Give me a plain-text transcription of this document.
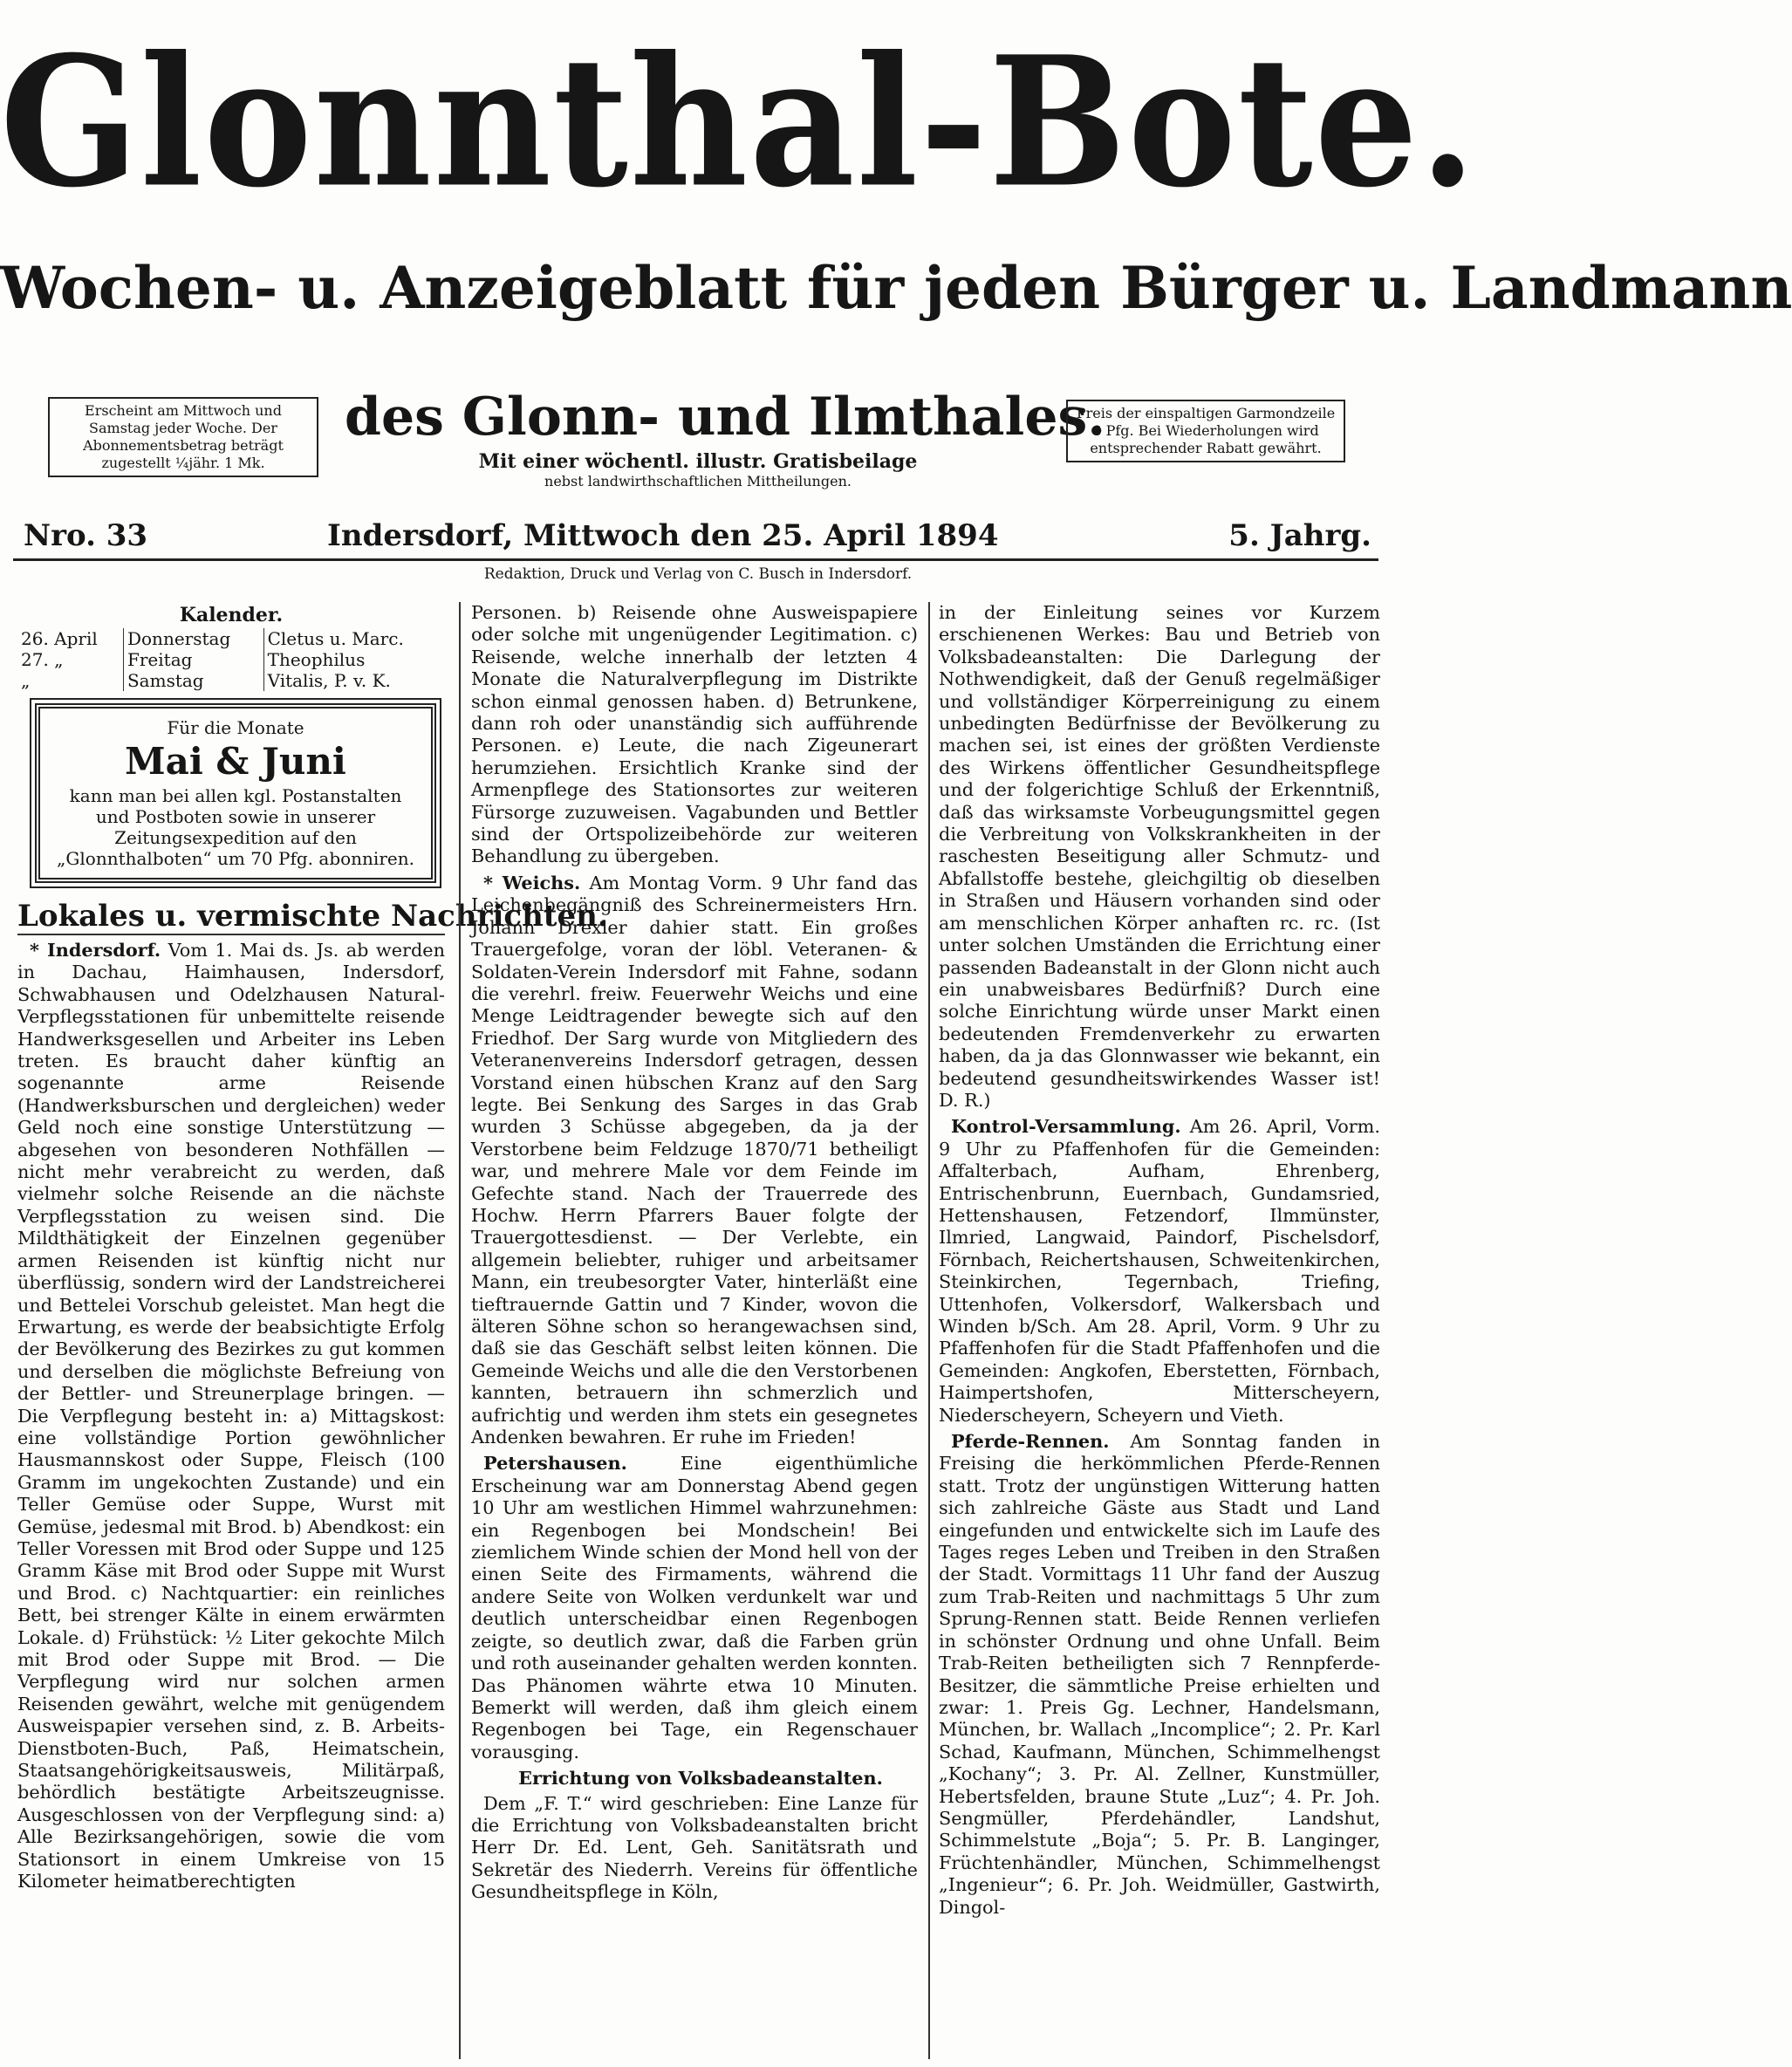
Glonnthal-Bote.
Wochen- u. Anzeigeblatt für jeden Bürger u. Landmann
Erscheint am Mittwoch und Samstag jeder Woche. Der Abonnementsbetrag beträgt zugestellt ¼jähr. 1 Mk.
des Glonn- und Ilmthales.
Mit einer wöchentl. illustr. Gratisbeilage
nebst landwirthschaftlichen Mittheilungen.
Preis der einspaltigen Garmondzeile 8 Pfg. Bei Wiederholungen wird entsprechender Rabatt gewährt.
Nro. 33	Indersdorf, Mittwoch den 25. April 1894	5. Jahrg.
Redaktion, Druck und Verlag von C. Busch in Indersdorf.
Kalender.
26. April	Donnerstag	Cletus u. Marc.
27. „	Freitag	Theophilus
„	Samstag	Vitalis, P. v. K.
Für die Monate
Mai & Juni
kann man bei allen kgl. Postanstalten und Postboten sowie in unserer Zeitungsexpedition auf den „Glonnthalboten“ um 70 Pfg. abonniren.
Lokales u. vermischte Nachrichten.

* Indersdorf. Vom 1. Mai ds. Js. ab werden in Dachau, Haimhausen, Indersdorf, Schwabhausen und Odelzhausen Natural-Verpflegsstationen für unbemittelte reisende Handwerksgesellen und Arbeiter ins Leben treten. Es braucht daher künftig an sogenannte arme Reisende (Handwerksburschen und dergleichen) weder Geld noch eine sonstige Unterstützung — abgesehen von besonderen Nothfällen — nicht mehr verabreicht zu werden, daß vielmehr solche Reisende an die nächste Verpflegsstation zu weisen sind. Die Mildthätigkeit der Einzelnen gegenüber armen Reisenden ist künftig nicht nur überflüssig, sondern wird der Landstreicherei und Bettelei Vorschub geleistet. Man hegt die Erwartung, es werde der beabsichtigte Erfolg der Bevölkerung des Bezirkes zu gut kommen und derselben die möglichste Befreiung von der Bettler- und Streunerplage bringen. — Die Verpflegung besteht in: a) Mittagskost: eine vollständige Portion gewöhnlicher Hausmannskost oder Suppe, Fleisch (100 Gramm im ungekochten Zustande) und ein Teller Gemüse oder Suppe, Wurst mit Gemüse, jedesmal mit Brod. b) Abendkost: ein Teller Voressen mit Brod oder Suppe und 125 Gramm Käse mit Brod oder Suppe mit Wurst und Brod. c) Nachtquartier: ein reinliches Bett, bei strenger Kälte in einem erwärmten Lokale. d) Frühstück: ½ Liter gekochte Milch mit Brod oder Suppe mit Brod. — Die Verpflegung wird nur solchen armen Reisenden gewährt, welche mit genügendem Ausweispapier versehen sind, z. B. Arbeits- Dienstboten-Buch, Paß, Heimatschein, Staatsangehörigkeitsausweis, Militärpaß, behördlich bestätigte Arbeitszeugnisse. Ausgeschlossen von der Verpflegung sind: a) Alle Bezirksangehörigen, sowie die vom Stationsort in einem Umkreise von 15 Kilometer heimatberechtigten

Personen. b) Reisende ohne Ausweispapiere oder solche mit ungenügender Legitimation. c) Reisende, welche innerhalb der letzten 4 Monate die Naturalverpflegung im Distrikte schon einmal genossen haben. d) Betrunkene, dann roh oder unanständig sich aufführende Personen. e) Leute, die nach Zigeunerart herumziehen. Ersichtlich Kranke sind der Armenpflege des Stationsortes zur weiteren Fürsorge zuzuweisen. Vagabunden und Bettler sind der Ortspolizeibehörde zur weiteren Behandlung zu übergeben.

* Weichs. Am Montag Vorm. 9 Uhr fand das Leichenbegängniß des Schreinermeisters Hrn. Johann Drexler dahier statt. Ein großes Trauergefolge, voran der löbl. Veteranen- & Soldaten-Verein Indersdorf mit Fahne, sodann die verehrl. freiw. Feuerwehr Weichs und eine Menge Leidtragender bewegte sich auf den Friedhof. Der Sarg wurde von Mitgliedern des Veteranenvereins Indersdorf getragen, dessen Vorstand einen hübschen Kranz auf den Sarg legte. Bei Senkung des Sarges in das Grab wurden 3 Schüsse abgegeben, da ja der Verstorbene beim Feldzuge 1870/71 betheiligt war, und mehrere Male vor dem Feinde im Gefechte stand. Nach der Trauerrede des Hochw. Herrn Pfarrers Bauer folgte der Trauergottesdienst. — Der Verlebte, ein allgemein beliebter, ruhiger und arbeitsamer Mann, ein treubesorgter Vater, hinterläßt eine tieftrauernde Gattin und 7 Kinder, wovon die älteren Söhne schon so herangewachsen sind, daß sie das Geschäft selbst leiten können. Die Gemeinde Weichs und alle die den Verstorbenen kannten, betrauern ihn schmerzlich und aufrichtig und werden ihm stets ein gesegnetes Andenken bewahren. Er ruhe im Frieden!

Petershausen.	Eine eigenthümliche Erscheinung war am Donnerstag Abend gegen 10 Uhr am westlichen Himmel wahrzunehmen: ein Regenbogen bei Mondschein! Bei ziemlichem Winde schien der Mond hell von der einen Seite des Firmaments, während die andere Seite von Wolken verdunkelt war und deutlich unterscheidbar einen Regenbogen zeigte, so deutlich zwar, daß die Farben grün und roth auseinander gehalten werden konnten. Das Phänomen währte etwa 10 Minuten. Bemerkt will werden, daß ihm gleich einem Regenbogen bei Tage, ein Regenschauer vorausging.

Errichtung von Volksbadeanstalten.

Dem „F. T.“ wird geschrieben: Eine Lanze für die Errichtung von Volksbadeanstalten bricht Herr Dr. Ed. Lent, Geh. Sanitätsrath und Sekretär des Niederrh. Vereins für öffentliche Gesundheitspflege in Köln,

in der Einleitung seines vor Kurzem erschienenen Werkes: Bau und Betrieb von Volksbadeanstalten: Die Darlegung der Nothwendigkeit, daß der Genuß regelmäßiger und vollständiger Körperreinigung zu einem unbedingten Bedürfnisse der Bevölkerung zu machen sei, ist eines der größten Verdienste des Wirkens öffentlicher Gesundheitspflege und der folgerichtige Schluß der Erkenntniß, daß das wirksamste Vorbeugungsmittel gegen die Verbreitung von Volkskrankheiten in der raschesten Beseitigung aller Schmutz- und Abfallstoffe bestehe, gleichgiltig ob dieselben in Straßen und Häusern vorhanden sind oder am menschlichen Körper anhaften rc. rc. (Ist unter solchen Umständen die Errichtung einer passenden Badeanstalt in der Glonn nicht auch ein unabweisbares Bedürfniß? Durch eine solche Einrichtung würde unser Markt einen bedeutenden Fremdenverkehr zu erwarten haben, da ja das Glonnwasser wie bekannt, ein bedeutend gesundheitswirkendes Wasser ist! D. R.)

Kontrol-Versammlung. Am 26. April, Vorm. 9 Uhr zu Pfaffenhofen für die Gemeinden: Affalterbach, Aufham, Ehrenberg, Entrischenbrunn, Euernbach, Gundamsried, Hettenshausen, Fetzendorf, Ilmmünster, Ilmried, Langwaid, Paindorf, Pischelsdorf, Förnbach, Reichertshausen, Schweitenkirchen, Steinkirchen, Tegernbach, Triefing, Uttenhofen, Volkersdorf, Walkersbach und Winden b/Sch. Am 28. April, Vorm. 9 Uhr zu Pfaffenhofen für die Stadt Pfaffenhofen und die Gemeinden: Angkofen, Eberstetten, Förnbach, Haimpertshofen, Mitterscheyern, Niederscheyern, Scheyern und Vieth.

Pferde-Rennen. Am Sonntag fanden in Freising die herkömmlichen Pferde-Rennen statt. Trotz der ungünstigen Witterung hatten sich zahlreiche Gäste aus Stadt und Land eingefunden und entwickelte sich im Laufe des Tages reges Leben und Treiben in den Straßen der Stadt. Vormittags 11 Uhr fand der Auszug zum Trab-Reiten und nachmittags 5 Uhr zum Sprung-Rennen statt. Beide Rennen verliefen in schönster Ordnung und ohne Unfall. Beim Trab-Reiten betheiligten sich 7 Rennpferde-Besitzer, die sämmtliche Preise erhielten und zwar: 1. Preis Gg. Lechner, Handelsmann, München, br. Wallach „Incomplice“; 2. Pr. Karl Schad, Kaufmann, München, Schimmelhengst „Kochany“; 3. Pr. Al. Zellner, Kunstmüller, Hebertsfelden, braune Stute „Luz“; 4. Pr. Joh. Sengmüller, Pferdehändler, Landshut, Schimmelstute „Boja“; 5. Pr. B. Langinger, Früchtenhändler, München, Schimmelhengst „Ingenieur“; 6. Pr. Joh. Weidmüller, Gastwirth, Dingol-
